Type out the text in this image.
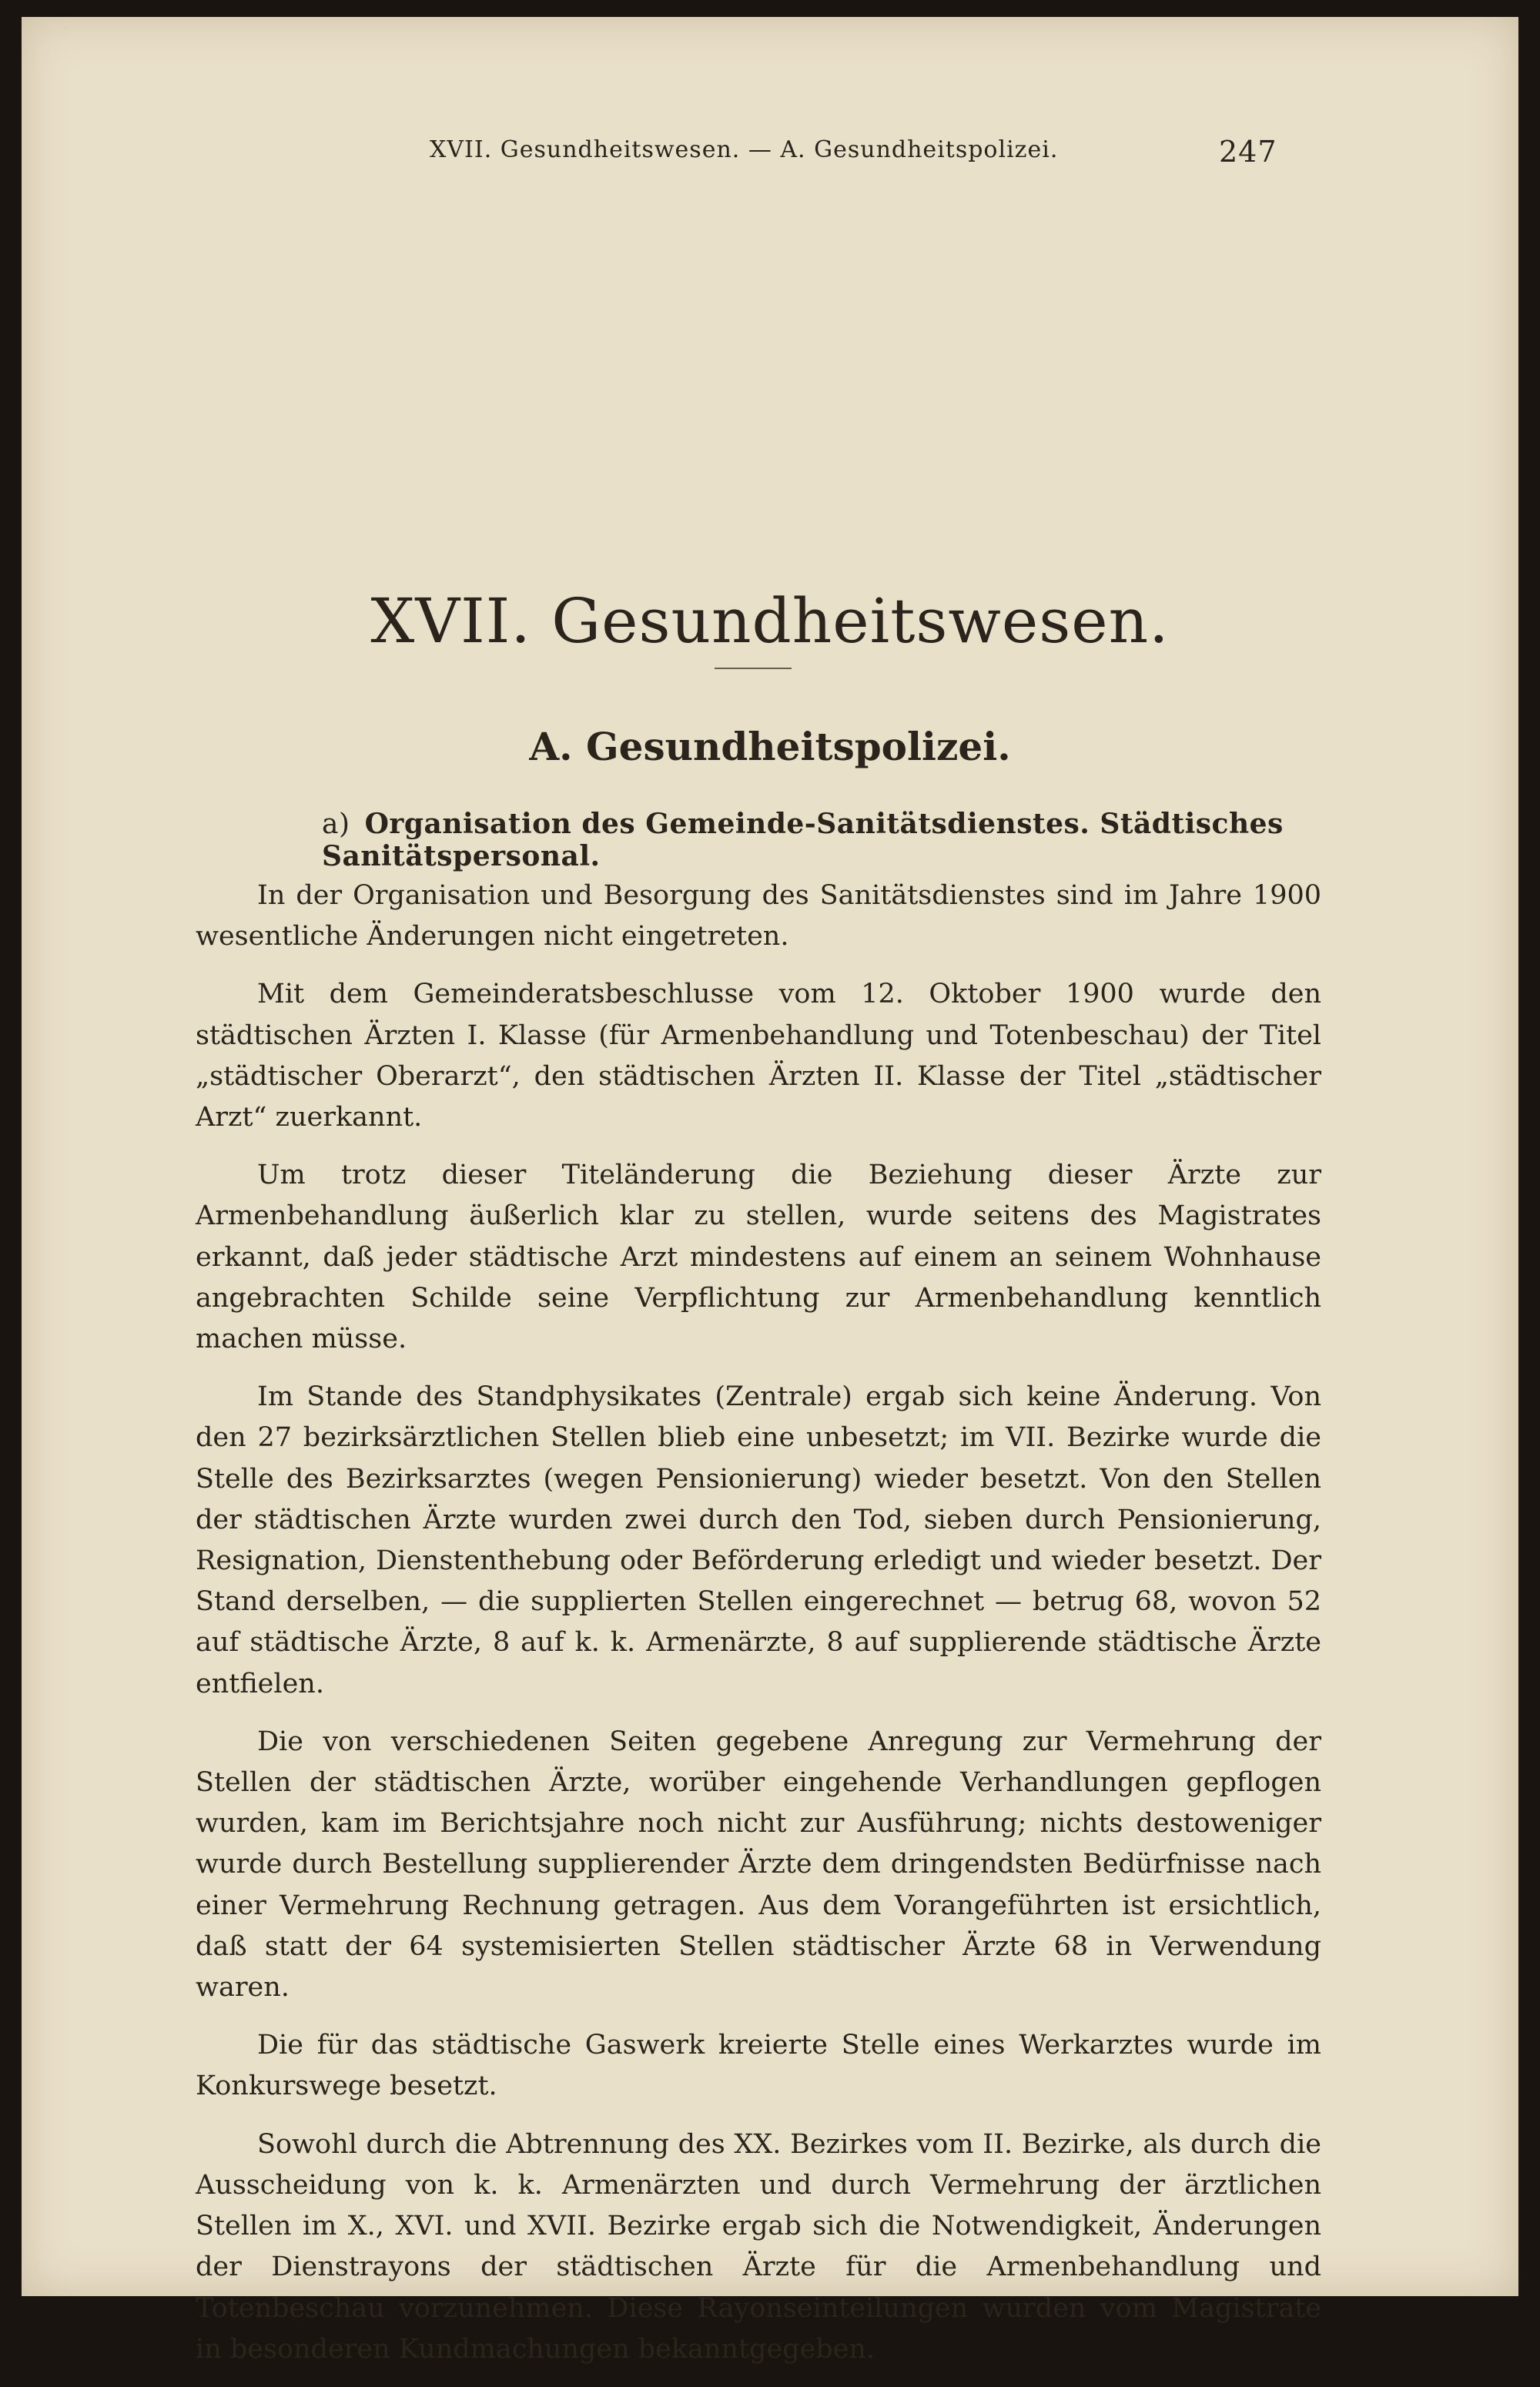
XVII. Gesundheitswesen. — A. Gesundheitspolizei.	247
XVII. Gesundheitswesen.
A. Gesundheitspolizei.
a) Organisation des Gemeinde-Sanitätsdienstes. Städtisches Sanitätspersonal.

In der Organisation und Besorgung des Sanitätsdienstes sind im Jahre 1900 wesentliche Änderungen nicht eingetreten.

Mit dem Gemeinderatsbeschlusse vom 12. Oktober 1900 wurde den städtischen Ärzten I. Klasse (für Armenbehandlung und Totenbeschau) der Titel „städtischer Oberarzt“, den städtischen Ärzten II. Klasse der Titel „städtischer Arzt“ zuerkannt.

Um trotz dieser Titeländerung die Beziehung dieser Ärzte zur Armenbehandlung äußerlich klar zu stellen, wurde seitens des Magistrates erkannt, daß jeder städtische Arzt mindestens auf einem an seinem Wohnhause angebrachten Schilde seine Verpflichtung zur Armenbehandlung kenntlich machen müsse.

Im Stande des Standphysikates (Zentrale) ergab sich keine Änderung. Von den 27 bezirksärztlichen Stellen blieb eine unbesetzt; im VII. Bezirke wurde die Stelle des Bezirksarztes (wegen Pensionierung) wieder besetzt. Von den Stellen der städtischen Ärzte wurden zwei durch den Tod, sieben durch Pensionierung, Resignation, Dienstenthebung oder Beförderung erledigt und wieder besetzt. Der Stand derselben, — die supplierten Stellen eingerechnet — betrug 68, wovon 52 auf städtische Ärzte, 8 auf k. k. Armenärzte, 8 auf supplierende städtische Ärzte entfielen.

Die von verschiedenen Seiten gegebene Anregung zur Vermehrung der Stellen der städtischen Ärzte, worüber eingehende Verhandlungen gepflogen wurden, kam im Berichtsjahre noch nicht zur Ausführung; nichts destoweniger wurde durch Bestellung supplierender Ärzte dem dringendsten Bedürfnisse nach einer Vermehrung Rechnung getragen. Aus dem Vorangeführten ist ersichtlich, daß statt der 64 systemisierten Stellen städtischer Ärzte 68 in Verwendung waren.

Die für das städtische Gaswerk kreierte Stelle eines Werkarztes wurde im Konkurswege besetzt.

Sowohl durch die Abtrennung des XX. Bezirkes vom II. Bezirke, als durch die Ausscheidung von k. k. Armenärzten und durch Vermehrung der ärztlichen Stellen im X., XVI. und XVII. Bezirke ergab sich die Notwendigkeit, Änderungen der Dienstrayons der städtischen Ärzte für die Armenbehandlung und Totenbeschau vorzunehmen. Diese Rayonseinteilungen wurden vom Magistrate in besonderen Kundmachungen bekanntgegeben.
